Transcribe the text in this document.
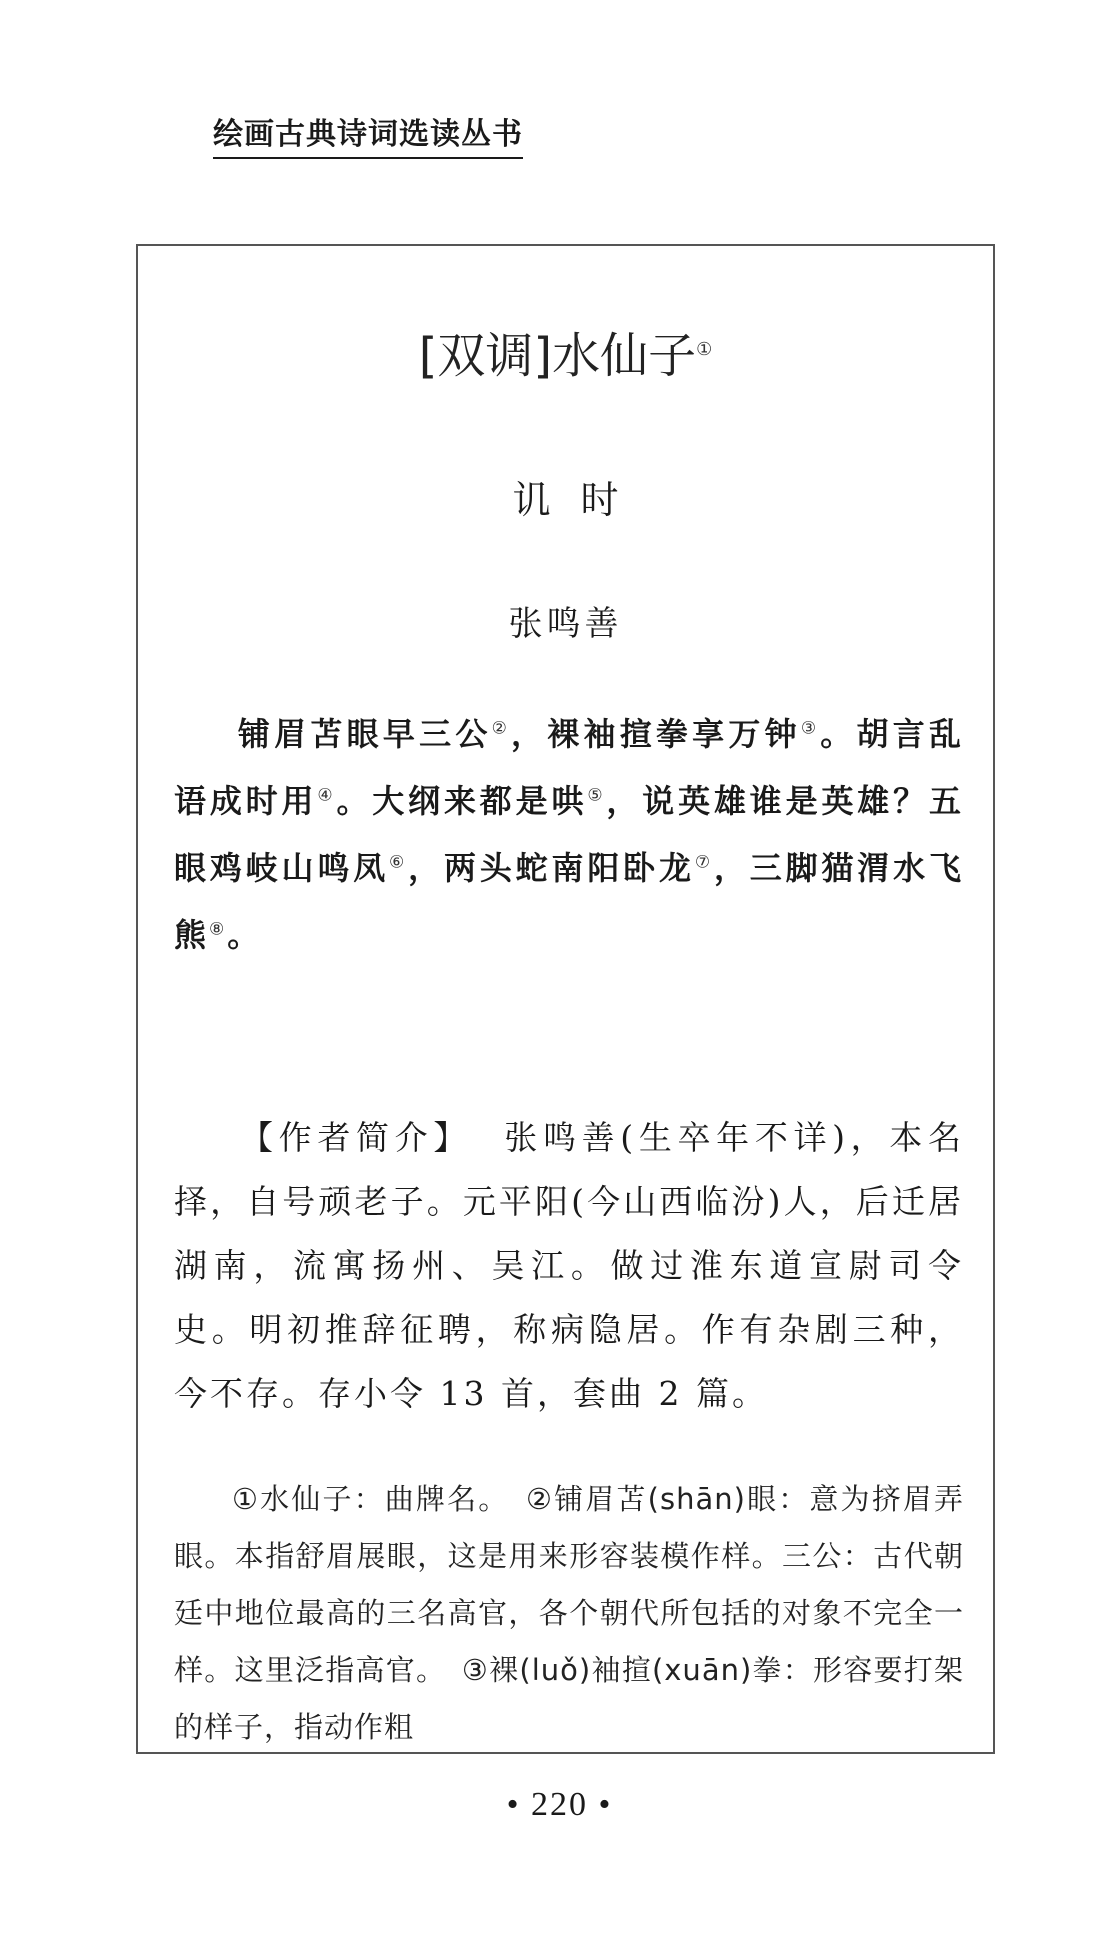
绘画古典诗词选读丛书
[双调]水仙子①
讥时
张鸣善
铺眉苫眼早三公②，裸袖揎拳享万钟③。胡言乱语成时用④。大纲来都是哄⑤，说英雄谁是英雄？五眼鸡岐山鸣凤⑥，两头蛇南阳卧龙⑦，三脚猫渭水飞熊⑧。
【作者简介】 张鸣善(生卒年不详)，本名择，自号顽老子。元平阳(今山西临汾)人，后迁居湖南，流寓扬州、吴江。做过淮东道宣尉司令史。明初推辞征聘，称病隐居。作有杂剧三种，今不存。存小令 13 首，套曲 2 篇。
①水仙子：曲牌名。　②铺眉苫(shān)眼：意为挤眉弄眼。本指舒眉展眼，这是用来形容装模作样。三公：古代朝廷中地位最高的三名高官，各个朝代所包括的对象不完全一样。这里泛指高官。　③裸(luǒ)袖揎(xuān)拳：形容要打架的样子，指动作粗
• 220 •
